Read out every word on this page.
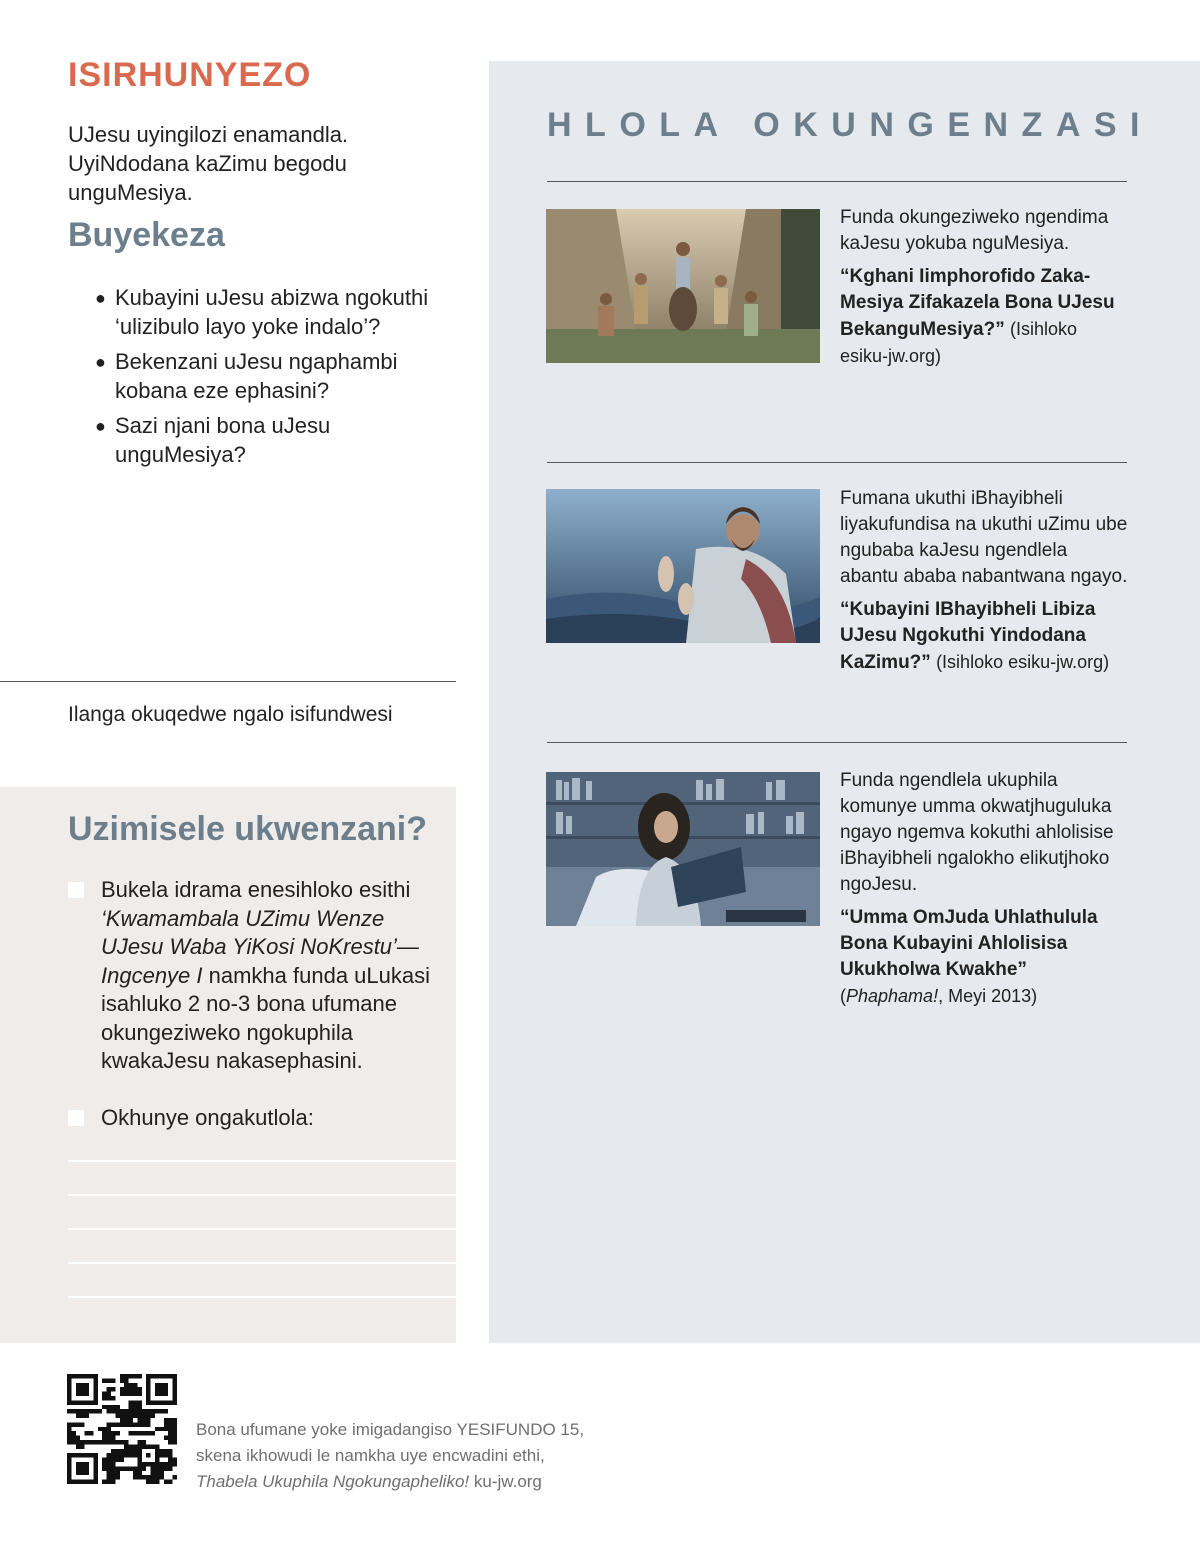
ISIRHUNYEZO

UJesu uyingilozi enamandla. UyiNdodana kaZimu begodu unguMesiya.

Buyekeza
● Kubayini uJesu abizwa ngokuthi ‘ulizibulo layo yoke indalo’?
● Bekenzani uJesu ngaphambi kobana eze ephasini?
● Sazi njani bona uJesu unguMesiya?

Ilanga okuqedwe ngalo isifundwesi

Uzimisele ukwenzani?
Bukela idrama enesihloko esithi ‘Kwamambala UZimu Wenze UJesu Waba YiKosi NoKrestu’—Ingcenye I namkha funda uLukasi isahluko 2 no-3 bona ufumane okungeziweko ngokuphila kwakaJesu nakasephasini.
Okhunye ongakutlola:
HLOLA OKUNGENZASI

Funda okungeziweko ngendima kaJesu yokuba nguMesiya.

“Kghani Iimphorofido Zaka-Mesiya Zifakazela Bona UJesu BekanguMesiya?” (Isihloko esiku-jw.org)

Fumana ukuthi iBhayibheli liyakufundisa na ukuthi uZimu ube ngubaba kaJesu ngendlela abantu ababa nabantwana ngayo.

“Kubayini IBhayibheli Libiza UJesu Ngokuthi Yindodana KaZimu?” (Isihloko esiku-jw.org)

Funda ngendlela ukuphila komunye umma okwatjhuguluka ngayo ngemva kokuthi ahlolisise iBhayibheli ngalokho elikutjhoko ngoJesu.

“Umma OmJuda Uhlathulula Bona Kubayini Ahlolisisa Ukukholwa Kwakhe” (Phaphama!, Meyi 2013)

Bona ufumane yoke imigadangiso YESIFUNDO 15,
skena ikhowudi le namkha uye encwadini ethi,
Thabela Ukuphila Ngokungapheliko! ku-jw.org
